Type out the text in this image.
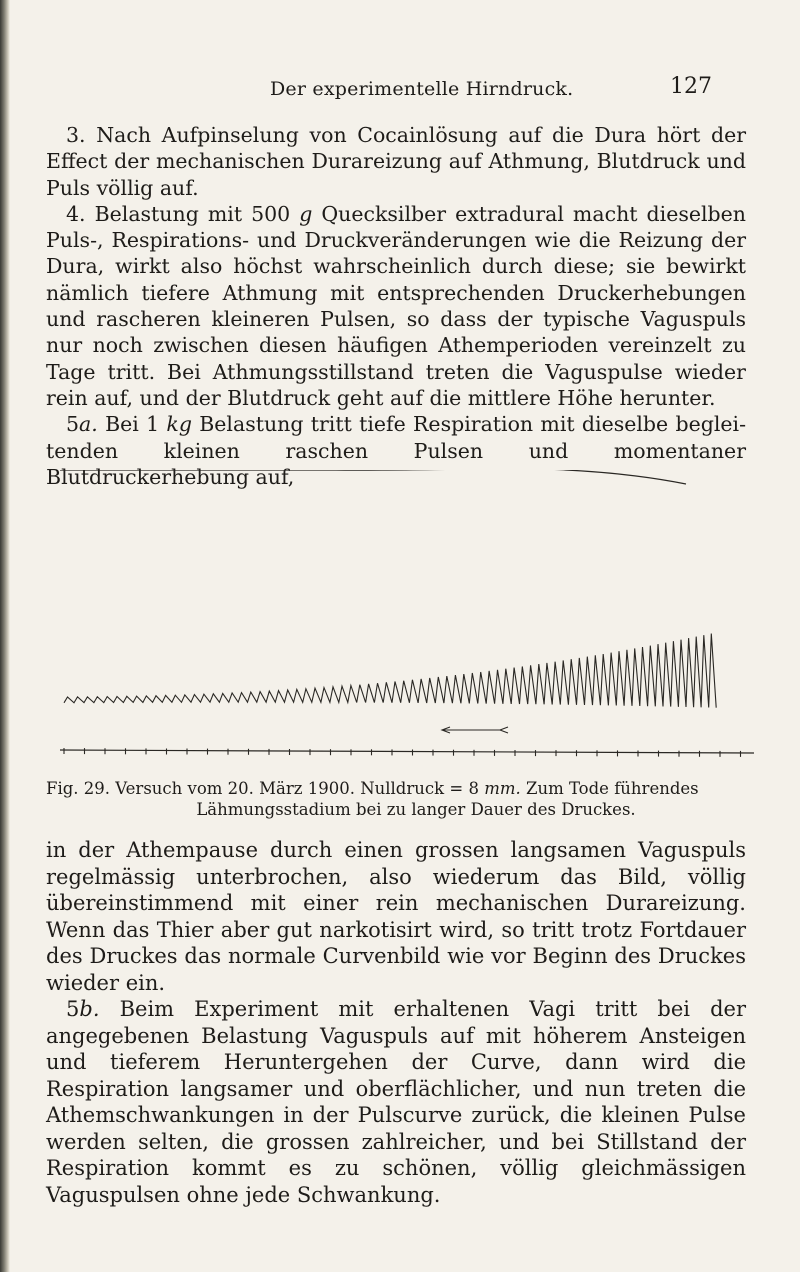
Der experimentelle Hirndruck.	127

3. Nach Aufpinselung von Cocainlösung auf die Dura hört der Effect der mechanischen Durareizung auf Athmung, Blutdruck und Puls völlig auf.

4. Belastung mit 500 g Quecksilber extradural macht dieselben Puls-, Respirations- und Druckveränderungen wie die Reizung der Dura, wirkt also höchst wahrscheinlich durch diese; sie bewirkt nämlich tiefere Athmung mit entsprechenden Druckerhebungen und rascheren kleineren Pulsen, so dass der typische Vaguspuls nur noch zwischen diesen häufigen Athemperioden vereinzelt zu Tage tritt. Bei Athmungsstillstand treten die Vaguspulse wieder rein auf, und der Blutdruck geht auf die mittlere Höhe herunter.

5a. Bei 1 kg Belastung tritt tiefe Respiration mit dieselbe beglei- tenden kleinen raschen Pulsen und momentaner Blutdruckerhebung auf,

Fig. 29. Versuch vom 20. März 1900. Nulldruck = 8 mm. Zum Tode führendes
Lähmungsstadium bei zu langer Dauer des Druckes.

in der Athempause durch einen grossen langsamen Vaguspuls regelmässig unterbrochen, also wiederum das Bild, völlig übereinstimmend mit einer rein mechanischen Durareizung. Wenn das Thier aber gut narkotisirt wird, so tritt trotz Fortdauer des Druckes das normale Curvenbild wie vor Beginn des Druckes wieder ein.

5b. Beim Experiment mit erhaltenen Vagi tritt bei der angegebenen Belastung Vaguspuls auf mit höherem Ansteigen und tieferem Heruntergehen der Curve, dann wird die Respiration langsamer und oberflächlicher, und nun treten die Athemschwankungen in der Pulscurve zurück, die kleinen Pulse werden selten, die grossen zahlreicher, und bei Stillstand der Respiration kommt es zu schönen, völlig gleichmässigen Vaguspulsen ohne jede Schwankung.
